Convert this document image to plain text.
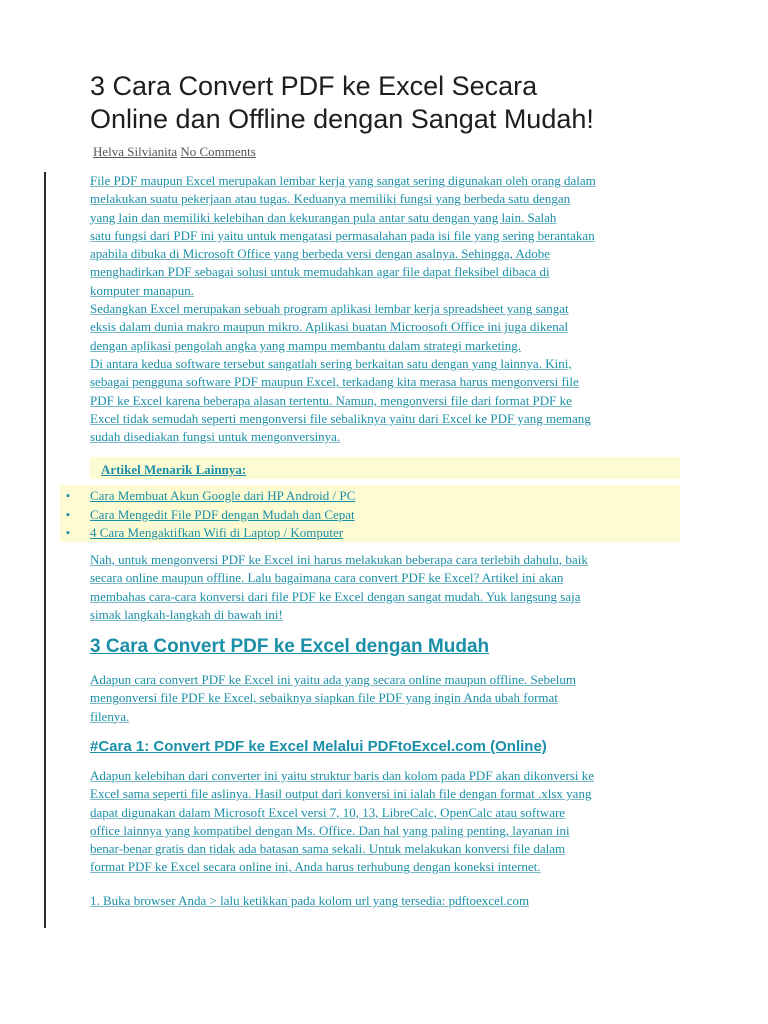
3 Cara Convert PDF ke Excel Secara
Online dan Offline dengan Sangat Mudah!
Helva Silvianita No Comments
File PDF maupun Excel merupakan lembar kerja yang sangat sering digunakan oleh orang dalam
melakukan suatu pekerjaan atau tugas. Keduanya memiliki fungsi yang berbeda satu dengan
yang lain dan memiliki kelebihan dan kekurangan pula antar satu dengan yang lain. Salah
satu fungsi dari PDF ini yaitu untuk mengatasi permasalahan pada isi file yang sering berantakan
apabila dibuka di Microsoft Office yang berbeda versi dengan asalnya. Sehingga, Adobe
menghadirkan PDF sebagai solusi untuk memudahkan agar file dapat fleksibel dibaca di
komputer manapun.
Sedangkan Excel merupakan sebuah program aplikasi lembar kerja spreadsheet yang sangat
eksis dalam dunia makro maupun mikro. Aplikasi buatan Microosoft Office ini juga dikenal
dengan aplikasi pengolah angka yang mampu membantu dalam strategi marketing.
Di antara kedua software tersebut sangatlah sering berkaitan satu dengan yang lainnya. Kini,
sebagai pengguna software PDF maupun Excel, terkadang kita merasa harus mengonversi file
PDF ke Excel karena beberapa alasan tertentu. Namun, mengonversi file dari format PDF ke
Excel tidak semudah seperti mengonversi file sebaliknya yaitu dari Excel ke PDF yang memang
sudah disediakan fungsi untuk mengonversinya.
Artikel Menarik Lainnya:
▪ Cara Membuat Akun Google dari HP Android / PC
▪ Cara Mengedit File PDF dengan Mudah dan Cepat
▪ 4 Cara Mengaktifkan Wifi di Laptop / Komputer
Nah, untuk mengonversi PDF ke Excel ini harus melakukan beberapa cara terlebih dahulu, baik
secara online maupun offline. Lalu bagaimana cara convert PDF ke Excel? Artikel ini akan
membahas cara-cara konversi dari file PDF ke Excel dengan sangat mudah. Yuk langsung saja
simak langkah-langkah di bawah ini!
3 Cara Convert PDF ke Excel dengan Mudah
Adapun cara convert PDF ke Excel ini yaitu ada yang secara online maupun offline. Sebelum
mengonversi file PDF ke Excel, sebaiknya siapkan file PDF yang ingin Anda ubah format
filenya.
#Cara 1: Convert PDF ke Excel Melalui PDFtoExcel.com (Online)
Adapun kelebihan dari converter ini yaitu struktur baris dan kolom pada PDF akan dikonversi ke
Excel sama seperti file aslinya. Hasil output dari konversi ini ialah file dengan format .xlsx yang
dapat digunakan dalam Microsoft Excel versi 7, 10, 13, LibreCalc, OpenCalc atau software
office lainnya yang kompatibel dengan Ms. Office. Dan hal yang paling penting, layanan ini
benar-benar gratis dan tidak ada batasan sama sekali. Untuk melakukan konversi file dalam
format PDF ke Excel secara online ini, Anda harus terhubung dengan koneksi internet.
1. Buka browser Anda > lalu ketikkan pada kolom url yang tersedia: pdftoexcel.com
